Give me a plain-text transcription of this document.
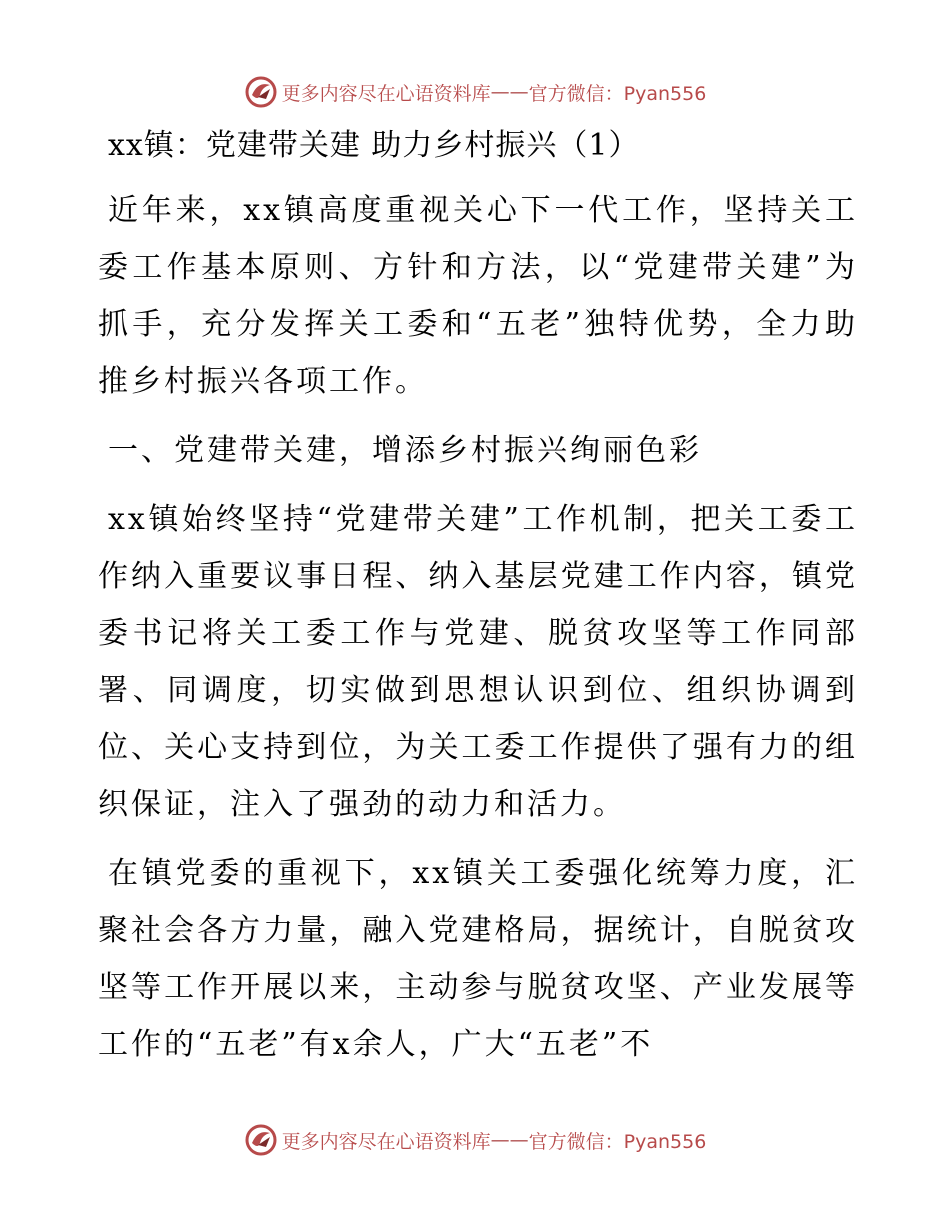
更多内容尽在心语资料库 —— 官方微信：Pyan556
xx镇：党建带关建 助力乡村振兴（1）

近年来，xx镇高度重视关心下一代工作，坚持关工委工作基本原则、方针和方法，以“党建带关建”为抓手，充分发挥关工委和“五老”独特优势，全力助推乡村振兴各项工作。

一、党建带关建，增添乡村振兴绚丽色彩

xx镇始终坚持“党建带关建”工作机制，把关工委工作纳入重要议事日程、纳入基层党建工作内容，镇党委书记将关工委工作与党建、脱贫攻坚等工作同部署、同调度，切实做到思想认识到位、组织协调到位、关心支持到位，为关工委工作提供了强有力的组织保证，注入了强劲的动力和活力。

在镇党委的重视下，xx镇关工委强化统筹力度，汇聚社会各方力量，融入党建格局，据统计，自脱贫攻坚等工作开展以来，主动参与脱贫攻坚、产业发展等工作的“五老”有x余人，广大“五老”不

更多内容尽在心语资料库 —— 官方微信：Pyan556
